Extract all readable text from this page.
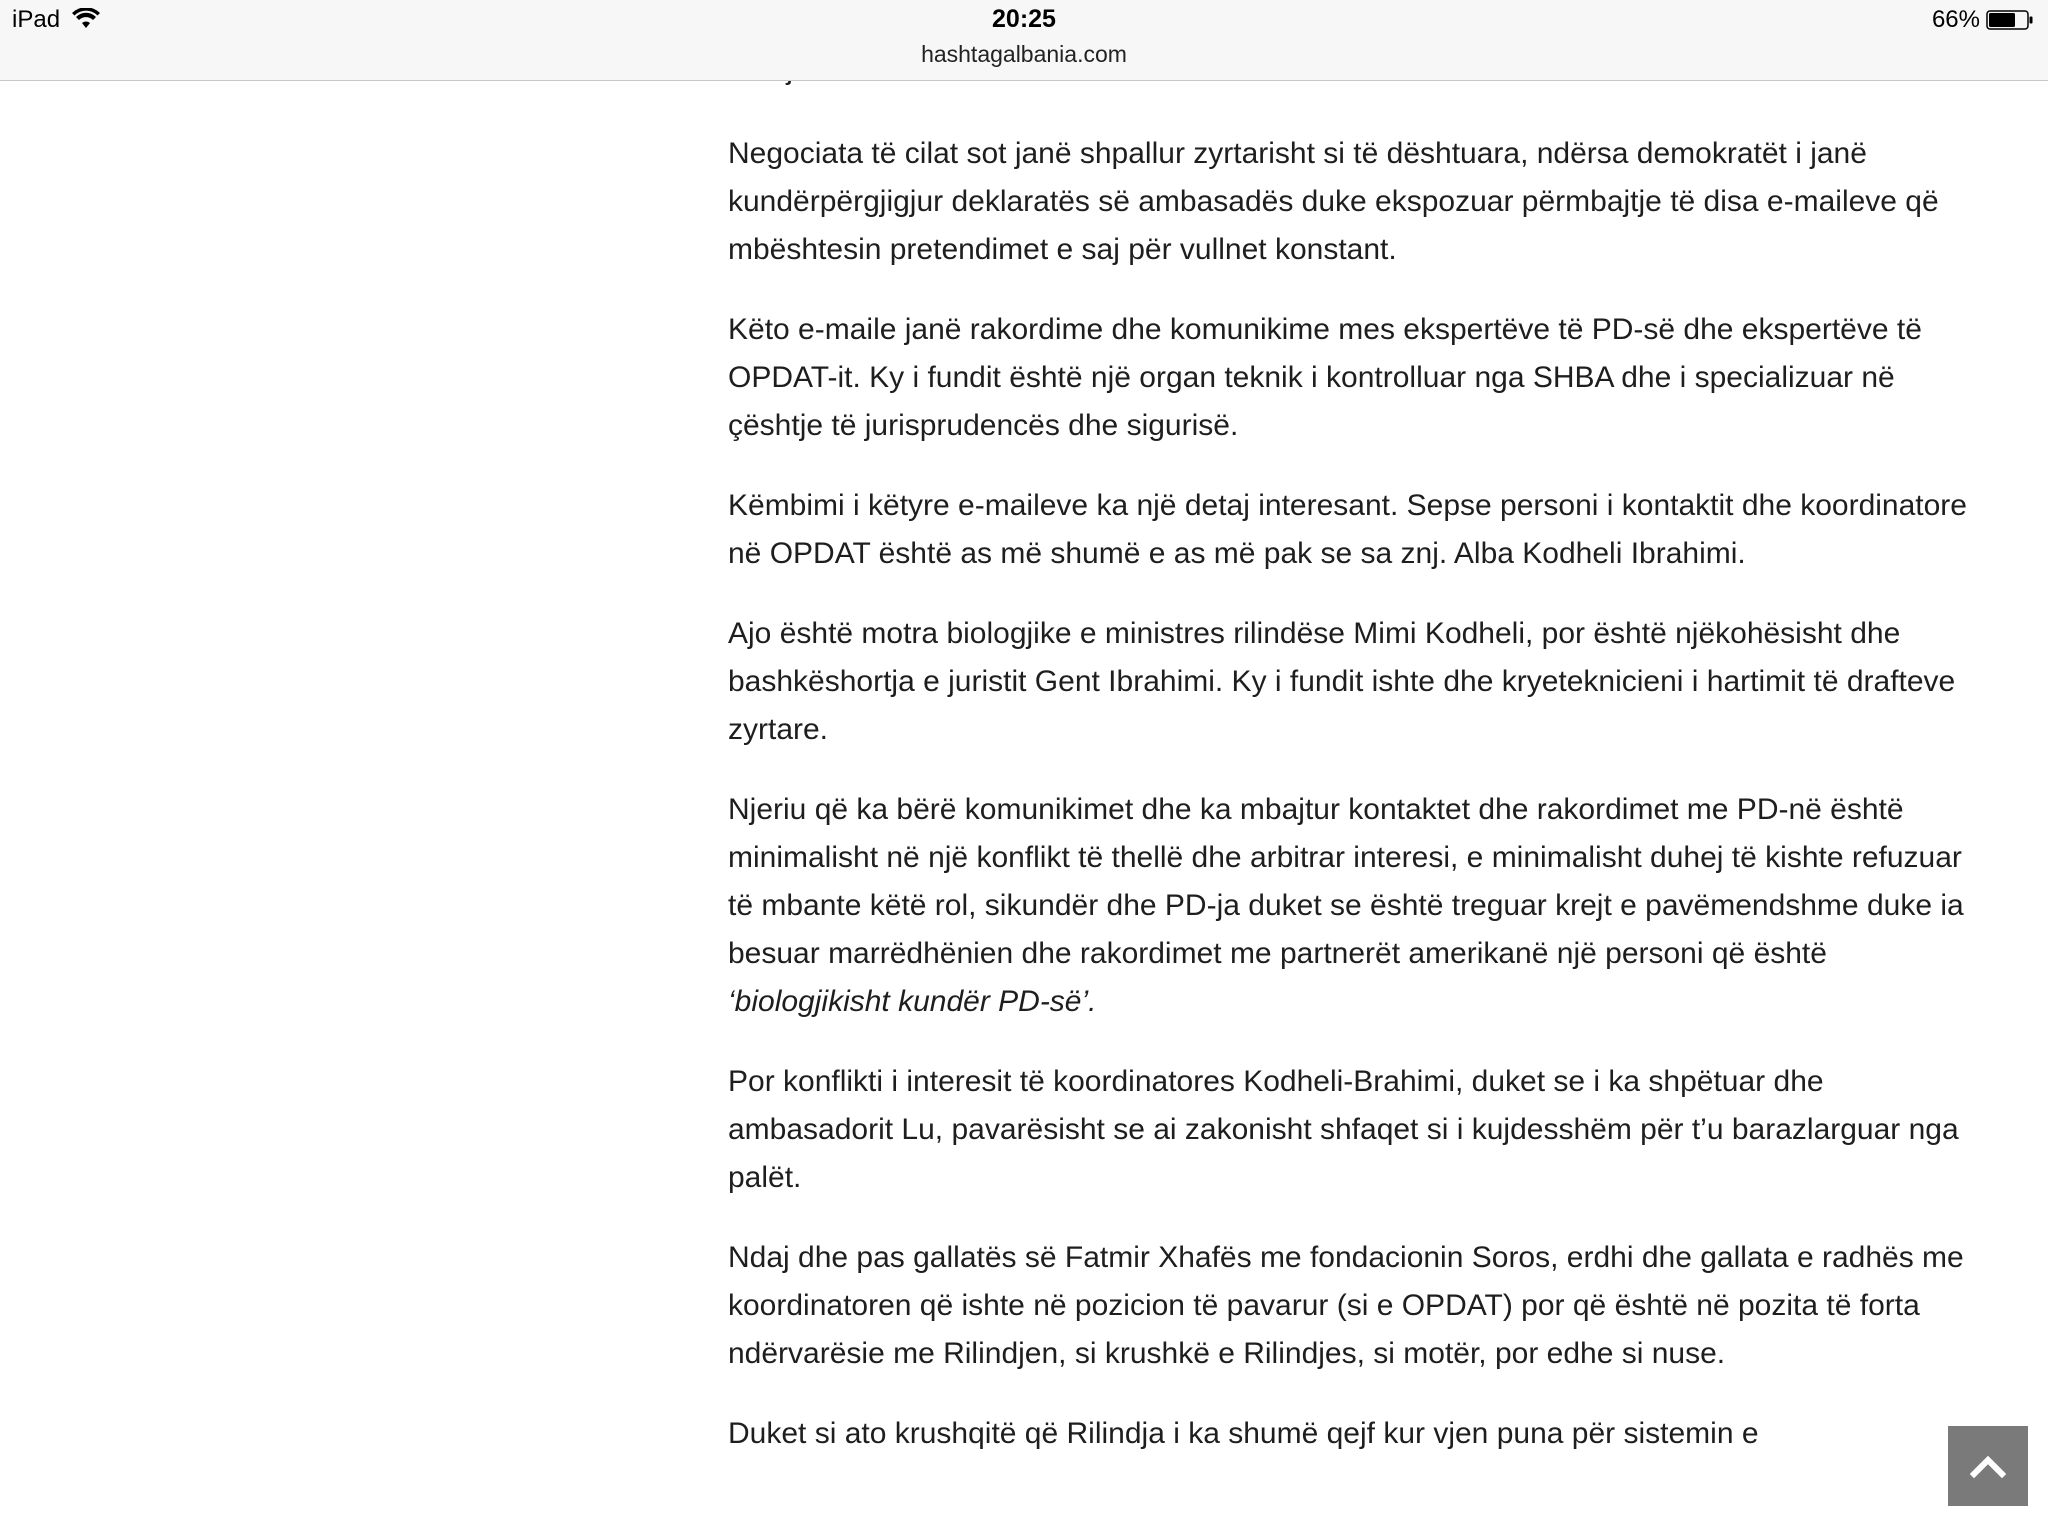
iPad	20:25
hashtagalbania.com
66%

Negociata të cilat sot janë shpallur zyrtarisht si të dështuara, ndërsa demokratët i janë kundërpërgjigjur deklaratës së ambasadës duke ekspozuar përmbajtje të disa e-maileve që mbështesin pretendimet e saj për vullnet konstant.

Këto e-maile janë rakordime dhe komunikime mes ekspertëve të PD-së dhe ekspertëve të OPDAT-it. Ky i fundit është një organ teknik i kontrolluar nga SHBA dhe i specializuar në çështje të jurisprudencës dhe sigurisë.

Këmbimi i këtyre e-maileve ka një detaj interesant. Sepse personi i kontaktit dhe koordinatore në OPDAT është as më shumë e as më pak se sa znj. Alba Kodheli Ibrahimi.

Ajo është motra biologjike e ministres rilindëse Mimi Kodheli, por është njëkohësisht dhe bashkëshortja e juristit Gent Ibrahimi. Ky i fundit ishte dhe kryeteknicieni i hartimit të drafteve zyrtare.

Njeriu që ka bërë komunikimet dhe ka mbajtur kontaktet dhe rakordimet me PD-në është minimalisht në një konflikt të thellë dhe arbitrar interesi, e minimalisht duhej të kishte refuzuar të mbante këtë rol, sikundër dhe PD-ja duket se është treguar krejt e pavëmendshme duke ia besuar marrëdhënien dhe rakordimet me partnerët amerikanë një personi që është ‘biologjikisht kundër PD-së’.

Por konflikti i interesit të koordinatores Kodheli-Brahimi, duket se i ka shpëtuar dhe ambasadorit Lu, pavarësisht se ai zakonisht shfaqet si i kujdesshëm për t’u barazlarguar nga palët.

Ndaj dhe pas gallatës së Fatmir Xhafës me fondacionin Soros, erdhi dhe gallata e radhës me koordinatoren që ishte në pozicion të pavarur (si e OPDAT) por që është në pozita të forta ndërvarësie me Rilindjen, si krushkë e Rilindjes, si motër, por edhe si nuse.

Duket si ato krushqitë që Rilindja i ka shumë qejf kur vjen puna për sistemin e
